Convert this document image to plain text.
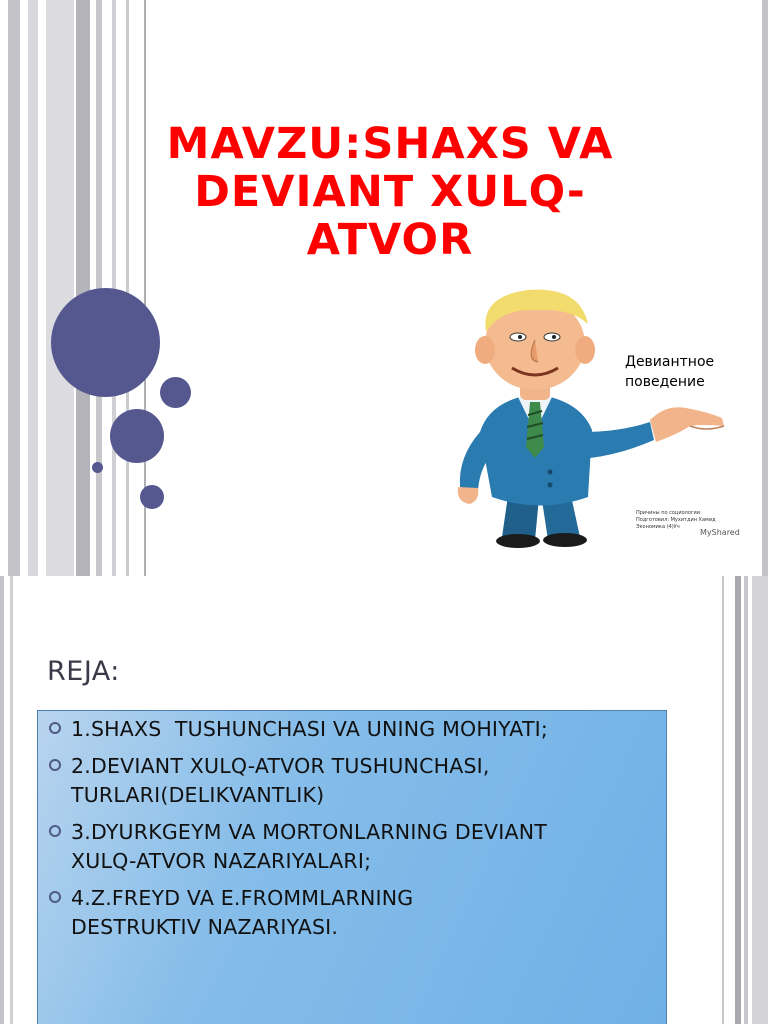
MAVZU:SHAXS VA
DEVIANT XULQ-
ATVOR
Девиантное
поведение
Причины по социологии
Подготовил: Мухитдин Хамид
Экономика (4)Уч
MyShared
REJA:
1.SHAXS  TUSHUNCHASI VA UNING MOHIYATI;
2.DEVIANT XULQ-ATVOR TUSHUNCHASI,
TURLARI(DELIKVANTLIK)
3.DYURKGEYM VA MORTONLARNING DEVIANT
XULQ-ATVOR NAZARIYALARI;
4.Z.FREYD VA E.FROMMLARNING
DESTRUKTIV NAZARIYASI.
